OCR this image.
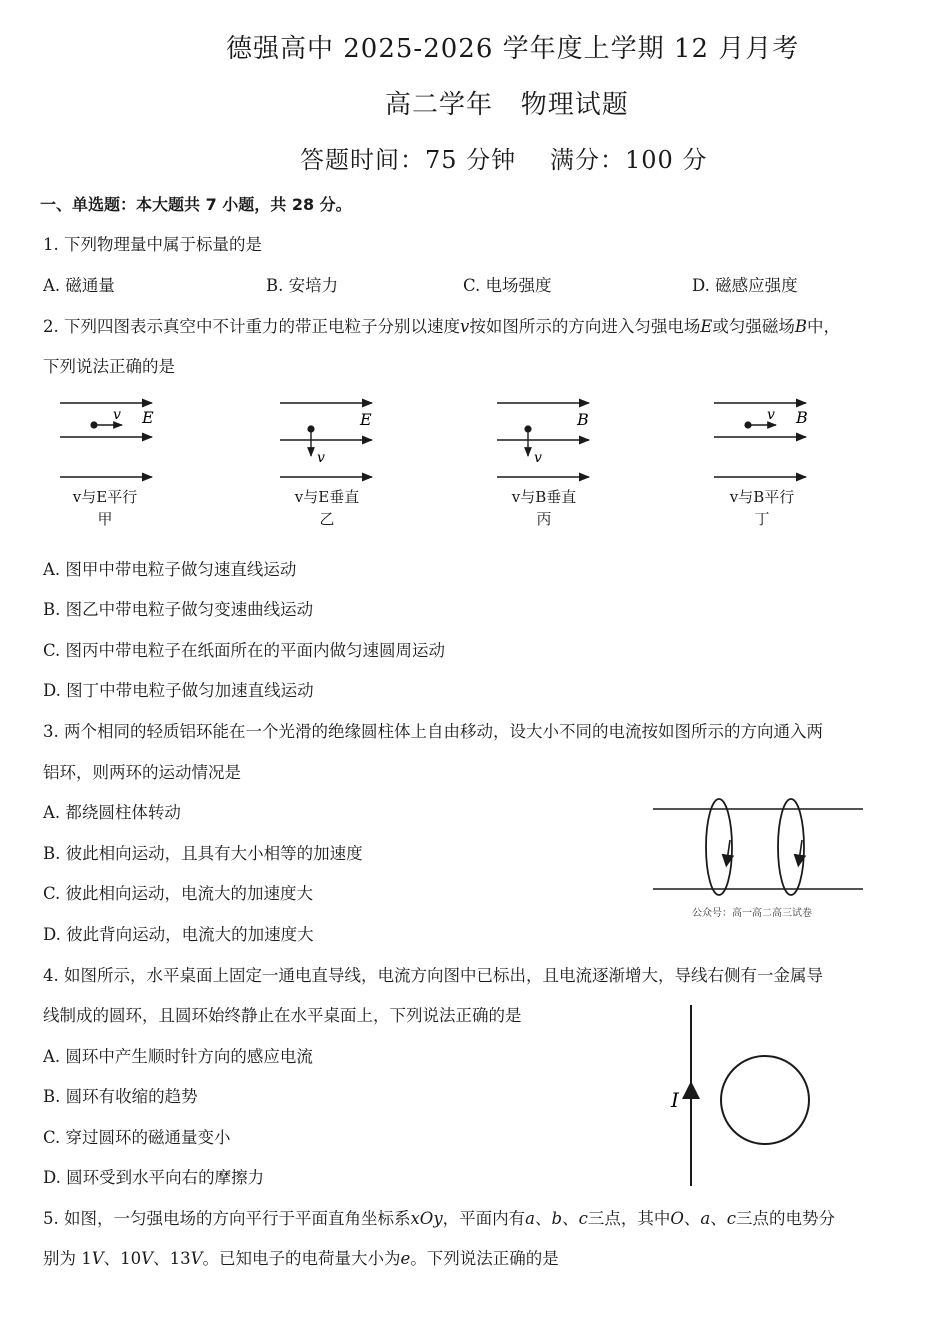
德强高中 2025-2026 学年度上学期 12 月月考
高二学年   物理试题
答题时间：75 分钟 满分：100 分
一、单选题：本大题共 7 小题，共 28 分。
1. 下列物理量中属于标量的是
A. 磁通量	B. 安培力	C. 电场强度	D. 磁感应强度
2. 下列四图表示真空中不计重力的带正电粒子分别以速度v按如图所示的方向进入匀强电场E或匀强磁场B中，
下列说法正确的是
v E
v
E
v
B	v B
v与E平行
甲
v与E垂直
乙
v与B垂直
丙
v与B平行
丁
A. 图甲中带电粒子做匀速直线运动
B. 图乙中带电粒子做匀变速曲线运动
C. 图丙中带电粒子在纸面所在的平面内做匀速圆周运动
D. 图丁中带电粒子做匀加速直线运动
3. 两个相同的轻质铝环能在一个光滑的绝缘圆柱体上自由移动，设大小不同的电流按如图所示的方向通入两
铝环，则两环的运动情况是
A. 都绕圆柱体转动
B. 彼此相向运动，且具有大小相等的加速度
C. 彼此相向运动，电流大的加速度大
D. 彼此背向运动，电流大的加速度大
公众号：高一高二高三试卷
4. 如图所示，水平桌面上固定一通电直导线，电流方向图中已标出，且电流逐渐增大，导线右侧有一金属导
线制成的圆环，且圆环始终静止在水平桌面上，下列说法正确的是
A. 圆环中产生顺时针方向的感应电流
B. 圆环有收缩的趋势
C. 穿过圆环的磁通量变小
D. 圆环受到水平向右的摩擦力
I
5. 如图，一匀强电场的方向平行于平面直角坐标系xOy，平面内有a、b、c三点，其中O、a、c三点的电势分
别为 1V、10V、13V。已知电子的电荷量大小为e。下列说法正确的是
